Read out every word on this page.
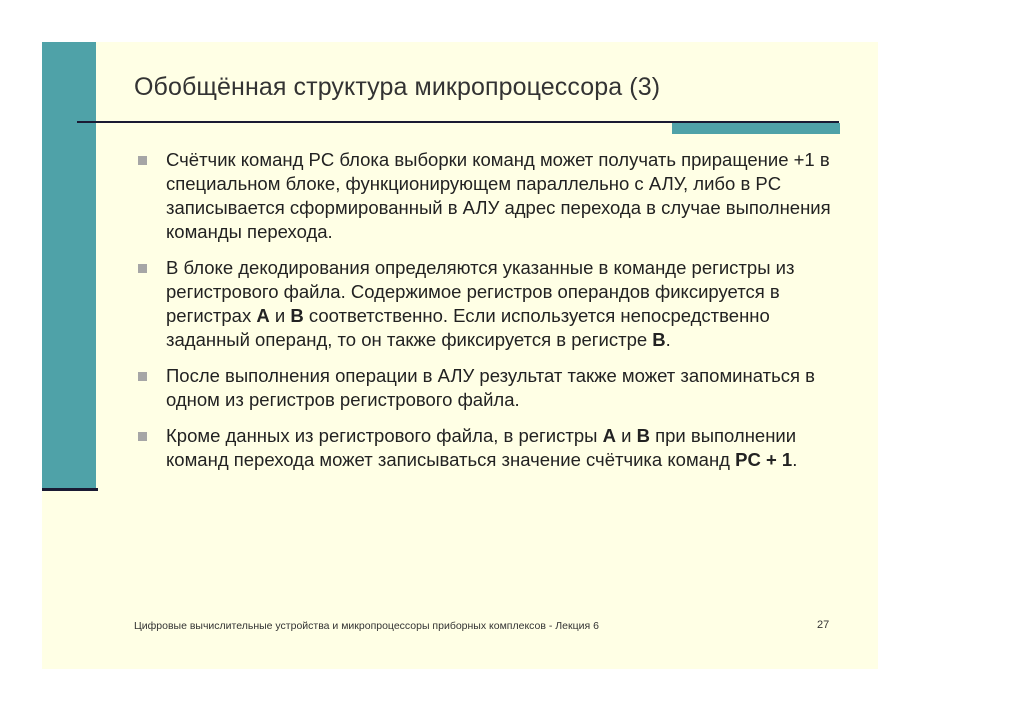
Обобщённая структура микропроцессора (3)
Счётчик команд PC блока выборки команд может получать приращение +1 в специальном блоке, функционирующем параллельно с АЛУ, либо в PC записывается сформированный в АЛУ адрес перехода в случае выполнения команды перехода.
В блоке декодирования определяются указанные в команде регистры из регистрового файла. Содержимое регистров операндов фиксируется в регистрах A и B соответственно. Если используется непосредственно заданный операнд, то он также фиксируется в регистре B.
После выполнения операции в АЛУ результат также может запоминаться в одном из регистров регистрового файла.
Кроме данных из регистрового файла, в регистры A и B при выполнении команд перехода может записываться значение счётчика команд PC + 1.
Цифровые вычислительные устройства и микропроцессоры приборных комплексов - Лекция 6	27
